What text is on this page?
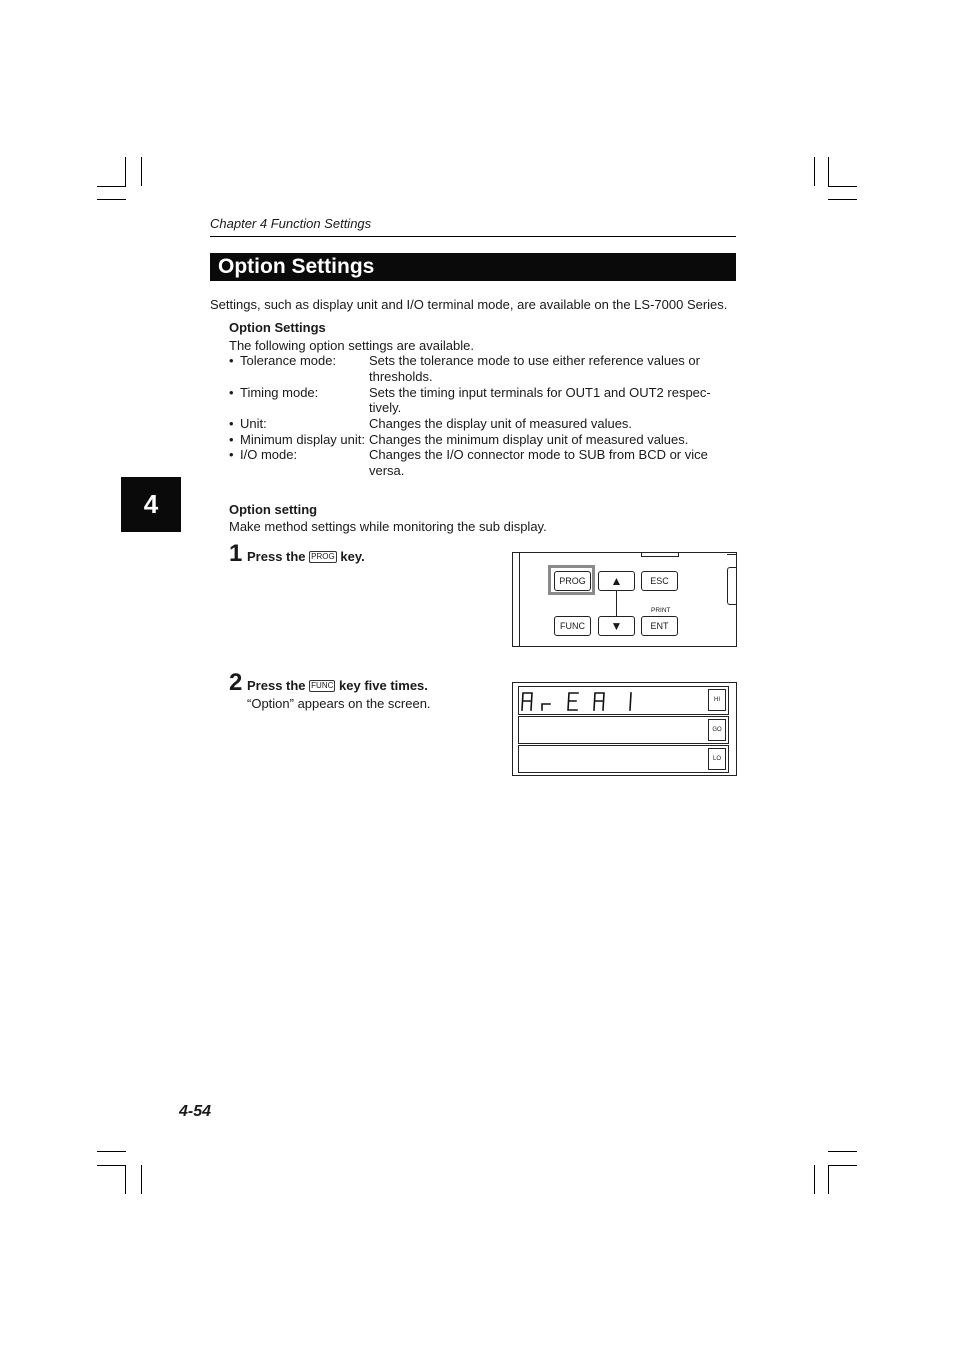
Chapter 4 Function Settings
Option Settings
Settings, such as display unit and I/O terminal mode, are available on the LS-7000 Series.
Option Settings
The following option settings are available.
• Tolerance mode:	Sets the tolerance mode to use either reference values or
thresholds.
• Timing mode:	Sets the timing input terminals for OUT1 and OUT2 respec-
tively.
• Unit:	Changes the display unit of measured values.
• Minimum display unit: Changes the minimum display unit of measured values.
• I/O mode:	Changes the I/O connector mode to SUB from BCD or vice
versa.
4	Option setting
Make method settings while monitoring the sub display.
1 Press the PROG key.
PROG	▲	ESC
PRINT
FUNC	▼	ENT
2 Press the FUNC key five times.
“Option” appears on the screen.	HI
GO
LO
4-54
